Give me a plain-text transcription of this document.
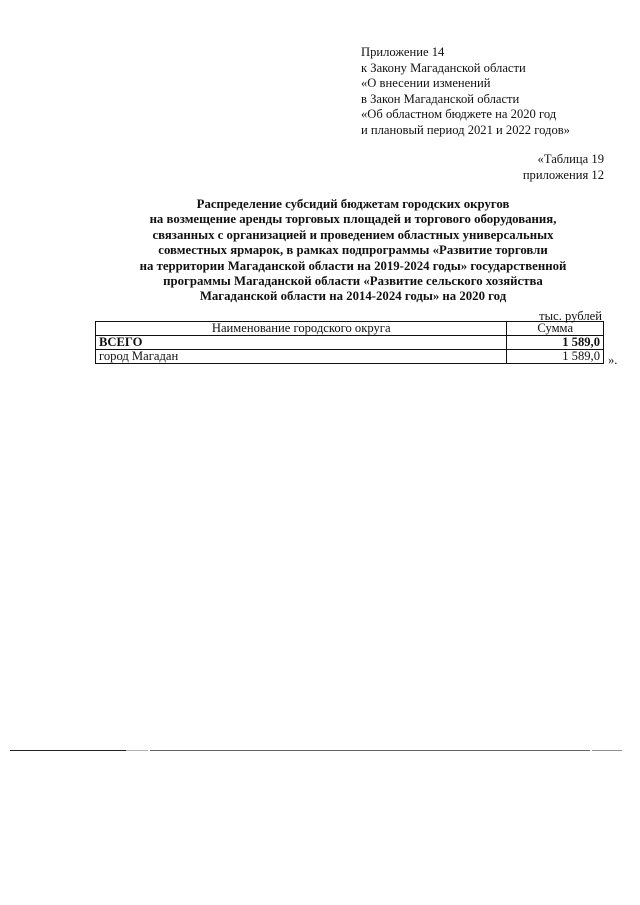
Приложение 14
к Закону Магаданской области
«О внесении изменений
в Закон Магаданской области
«Об областном бюджете на 2020 год
и плановый период 2021 и 2022 годов»
«Таблица 19
приложения 12
Распределение субсидий бюджетам городских округов
на возмещение аренды торговых площадей и торгового оборудования,
связанных с организацией и проведением областных универсальных
совместных ярмарок, в рамках подпрограммы «Развитие торговли
на территории Магаданской области на 2019-2024 годы» государственной
программы Магаданской области «Развитие сельского хозяйства
Магаданской области на 2014-2024 годы» на 2020 год
тыс. рублей
Наименование городского округа	Сумма
ВСЕГО	1 589,0
город Магадан	1 589,0 ».
